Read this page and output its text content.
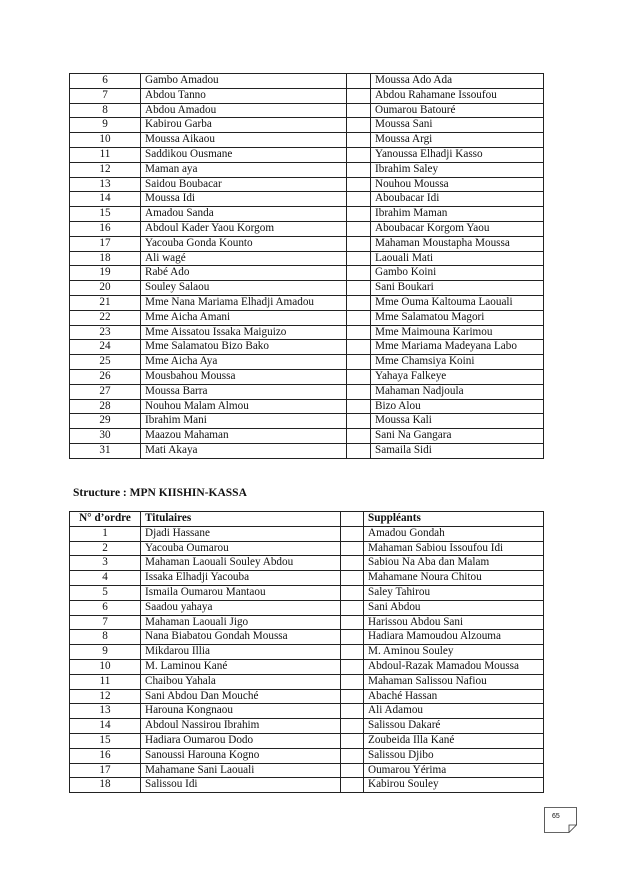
6	Gambo Amadou		Moussa Ado Ada
7	Abdou Tanno		Abdou Rahamane Issoufou
8	Abdou Amadou		Oumarou Batouré
9	Kabirou Garba		Moussa Sani
10	Moussa Aikaou		Moussa Argi
11	Saddikou Ousmane		Yanoussa Elhadji Kasso
12	Maman aya		Ibrahim Saley
13	Saidou Boubacar		Nouhou Moussa
14	Moussa Idi		Aboubacar Idi
15	Amadou Sanda		Ibrahim Maman
16	Abdoul Kader Yaou Korgom		Aboubacar Korgom Yaou
17	Yacouba Gonda Kounto		Mahaman Moustapha Moussa
18	Ali wagé		Laouali Mati
19	Rabé Ado		Gambo Koini
20	Souley Salaou		Sani Boukari
21	Mme Nana Mariama Elhadji Amadou		Mme Ouma Kaltouma Laouali
22	Mme Aicha Amani		Mme Salamatou Magori
23	Mme Aissatou Issaka Maiguizo		Mme Maimouna Karimou
24	Mme Salamatou Bizo Bako		Mme Mariama Madeyana Labo
25	Mme Aicha Aya		Mme Chamsiya Koini
26	Mousbahou Moussa		Yahaya Falkeye
27	Moussa Barra		Mahaman Nadjoula
28	Nouhou Malam Almou		Bizo Alou
29	Ibrahim Mani		Moussa Kali
30	Maazou Mahaman		Sani Na Gangara
31	Mati Akaya		Samaila Sidi
Structure : MPN KIISHIN-KASSA
N° d’ordre	Titulaires		Suppléants
1	Djadi Hassane		Amadou Gondah
2	Yacouba Oumarou		Mahaman Sabiou Issoufou Idi
3	Mahaman Laouali Souley Abdou		Sabiou Na Aba dan Malam
4	Issaka Elhadji Yacouba		Mahamane Noura Chitou
5	Ismaila Oumarou Mantaou		Saley Tahirou
6	Saadou yahaya		Sani Abdou
7	Mahaman Laouali Jigo		Harissou Abdou Sani
8	Nana Biabatou Gondah Moussa		Hadiara Mamoudou Alzouma
9	Mikdarou Illia		M. Aminou Souley
10	M. Laminou Kané		Abdoul-Razak Mamadou Moussa
11	Chaibou Yahala		Mahaman Salissou Nafiou
12	Sani Abdou Dan Mouché		Abaché Hassan
13	Harouna Kongnaou		Ali Adamou
14	Abdoul Nassirou Ibrahim		Salissou Dakaré
15	Hadiara Oumarou Dodo		Zoubeida Illa Kané
16	Sanoussi Harouna Kogno		Salissou Djibo
17	Mahamane Sani Laouali		Oumarou Yérima
18	Salissou Idi		Kabirou Souley
65
